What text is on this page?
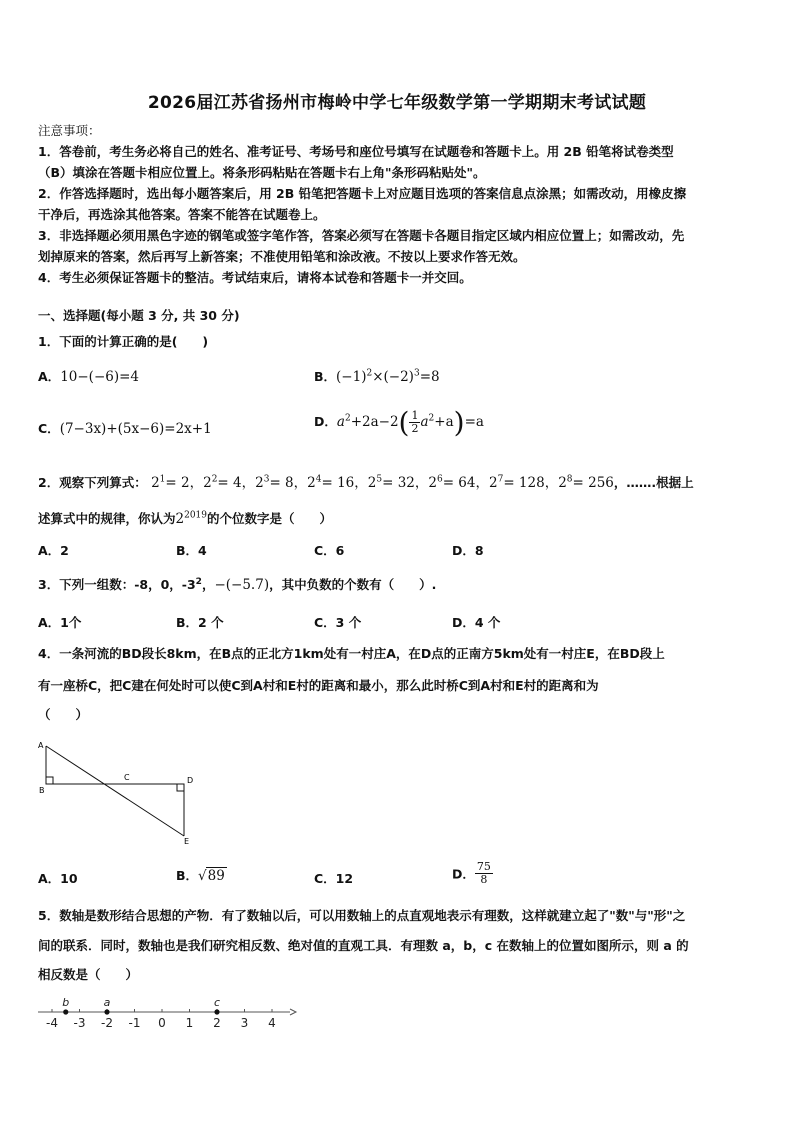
2026届江苏省扬州市梅岭中学七年级数学第一学期期末考试试题

注意事项：

1．答卷前，考生务必将自己的姓名、准考证号、考场号和座位号填写在试题卷和答题卡上。用 2B 铅笔将试卷类型

（B）填涂在答题卡相应位置上。将条形码粘贴在答题卡右上角"条形码粘贴处"。

2．作答选择题时，选出每小题答案后，用 2B 铅笔把答题卡上对应题目选项的答案信息点涂黑；如需改动，用橡皮擦

干净后，再选涂其他答案。答案不能答在试题卷上。

3．非选择题必须用黑色字迹的钢笔或签字笔作答，答案必须写在答题卡各题目指定区域内相应位置上；如需改动，先

划掉原来的答案，然后再写上新答案；不准使用铅笔和涂改液。不按以上要求作答无效。

4．考生必须保证答题卡的整洁。考试结束后，请将本试卷和答题卡一并交回。

一、选择题(每小题 3 分, 共 30 分)
1．下面的计算正确的是(　　)
A．10−(−6)=4	B．$(-1)^2\times(-2)^3=8$
C．(7−3x)+(5x−6)=2x+1	D．$a^2+2a-2( \frac{1}{2} a^2+a)=a$
2．观察下列算式： $2^1= 2$，$2^2= 4$，$2^3= 8$，$2^4= 16$，$2^5= 32$，$2^6= 64$，$2^7= 128$，$2^8= 256$，…….根据上
述算式中的规律，你认为$2^{2019}$的个位数字是（　　）
A．2	B．4	C．6	D．8
3．下列一组数：-8，0，$-3^2$，−(−5.7)，其中负数的个数有（　　）.
A．1个	B．2 个	C．3 个	D．4 个
4．一条河流的BD段长8km，在B点的正北方1km处有一村庄A，在D点的正南方5km处有一村庄E，在BD段上
有一座桥C，把C建在何处时可以使C到A村和E村的距离和最小，那么此时桥C到A村和E村的距离和为
（　　）
A
B
C	D
E
A．10	B．√89	C．12	D． $\frac{75}{8}$
5．数轴是数形结合思想的产物．有了数轴以后，可以用数轴上的点直观地表示有理数，这样就建立起了"数"与"形"之
间的联系．同时，数轴也是我们研究相反数、绝对值的直观工具．有理数 a，b，c 在数轴上的位置如图所示，则 a 的
相反数是（　　）
-4 -3 -2 -1 0 1 2 3 4
b	a	c
